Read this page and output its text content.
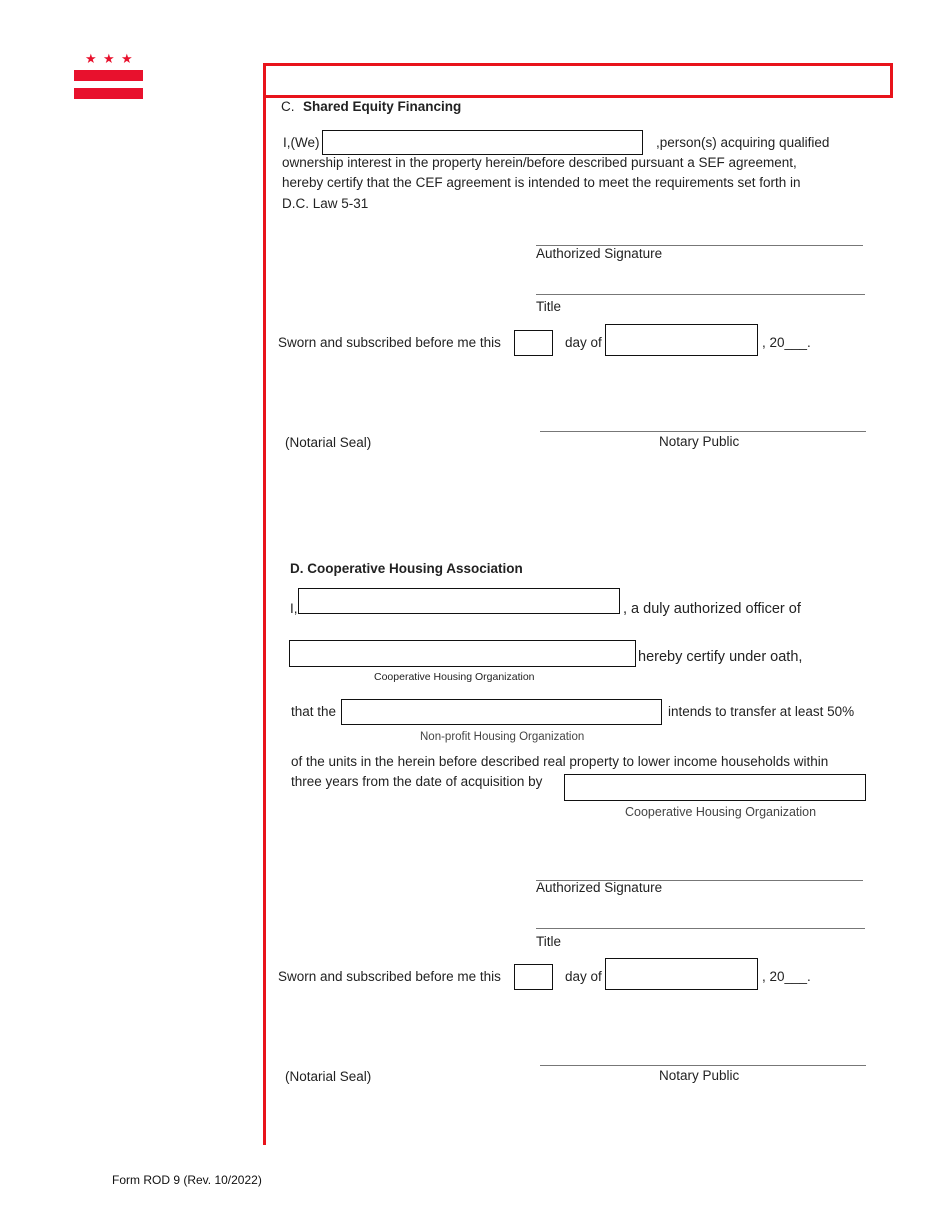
★ ★ ★
C. Shared Equity Financing
I,(We)	,person(s) acquiring qualified
ownership interest in the property herein/before described pursuant a SEF agreement,
hereby certify that the CEF agreement is intended to meet the requirements set forth in
D.C. Law 5-31
Authorized Signature
Title
Sworn and subscribed before me this	day of	, 20___.
(Notarial Seal)	Notary Public
D. Cooperative Housing Association
I,	, a duly authorized officer of
hereby certify under oath,
Cooperative Housing Organization
that the	intends to transfer at least 50%
Non-profit Housing Organization
of the units in the herein before described real property to lower income households within
three years from the date of acquisition by
Cooperative Housing Organization
Authorized Signature
Title
Sworn and subscribed before me this	day of	, 20___.
(Notarial Seal)	Notary Public
Form ROD 9 (Rev. 10/2022)
